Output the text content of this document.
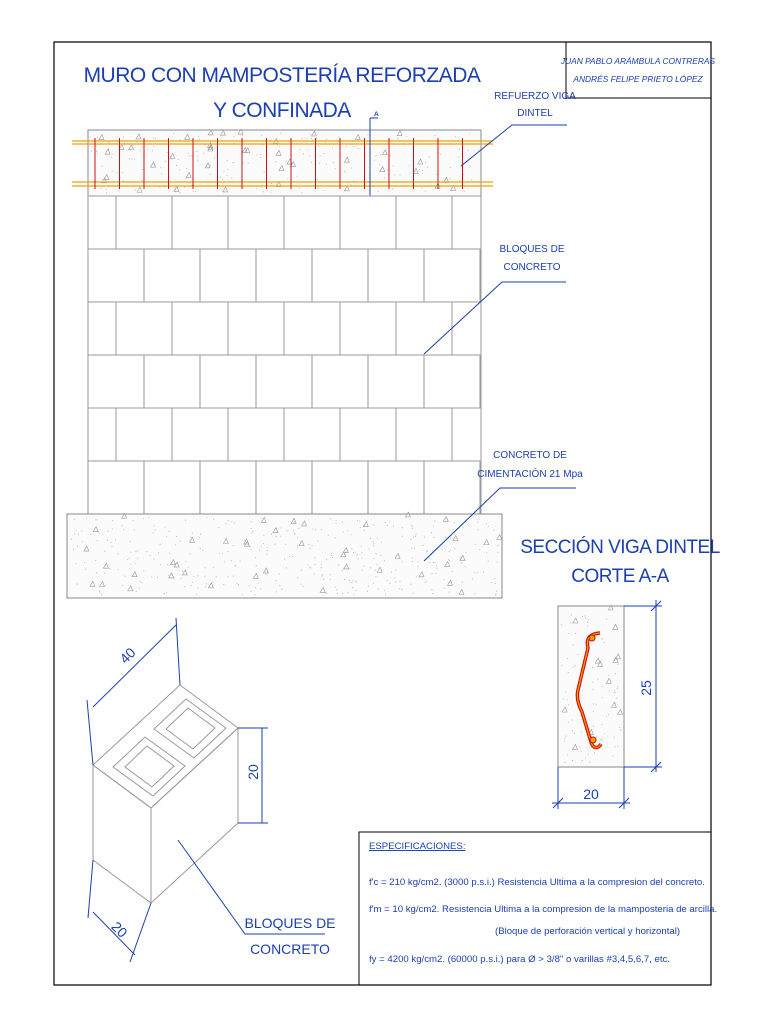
JUAN PABLO ARÁMBULA CONTRERAS
ANDRÉS FELIPE PRIETO LÓPEZ
MURO CON MAMPOSTERÍA REFORZADA
Y CONFINADA	A
REFUERZO VIGA
DINTEL
BLOQUES DE
CONCRETO
CONCRETO DE
CIMENTACIÓN 21 Mpa
SECCIÓN VIGA DINTEL
CORTE A-A
25
20
40
20
20	BLOQUES DE
CONCRETO
ESPECIFICACIONES:
f'c = 210 kg/cm2. (3000 p.s.i.) Resistencia Ultima a la compresion del concreto.
f'm = 10 kg/cm2. Resistencia Ultima a la compresion de la mamposteria de arcilla.
(Bloque de perforación vertical y horizontal)
fy = 4200 kg/cm2. (60000 p.s.i.) para Ø > 3/8" o varillas #3,4,5,6,7, etc.
